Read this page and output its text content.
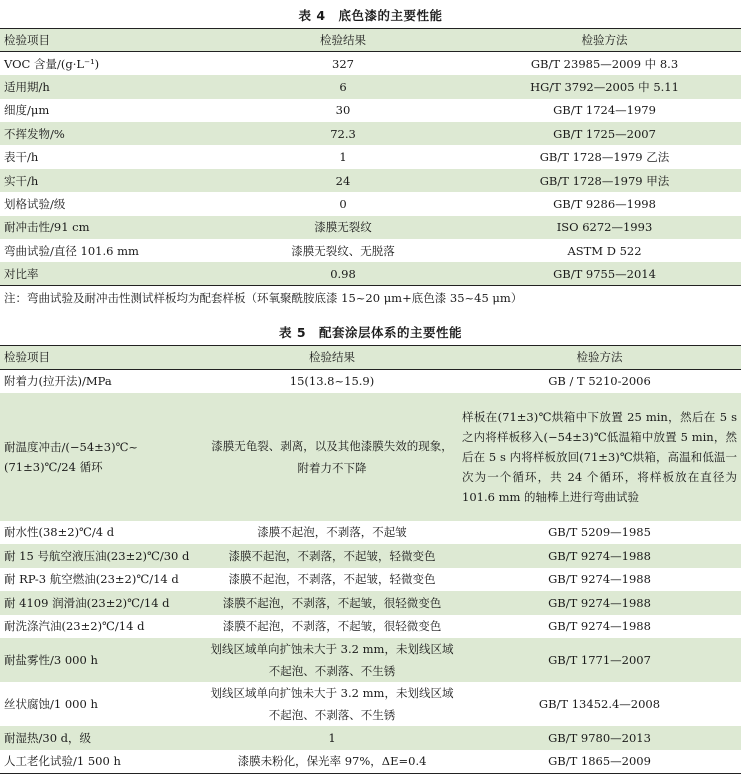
表 4　底色漆的主要性能
检验项目	检验结果	检验方法
VOC 含量/(g·L⁻¹)	327	GB/T 23985—2009 中 8.3
适用期/h	6	HG/T 3792—2005 中 5.11
细度/μm	30	GB/T 1724—1979
不挥发物/%	72.3	GB/T 1725—2007
表干/h	1	GB/T 1728—1979 乙法
实干/h	24	GB/T 1728—1979 甲法
划格试验/级	0	GB/T 9286—1998
耐冲击性/91 cm	漆膜无裂纹	ISO 6272—1993
弯曲试验/直径 101.6 mm	漆膜无裂纹、无脱落	ASTM D 522
对比率	0.98	GB/T 9755—2014
注：弯曲试验及耐冲击性测试样板均为配套样板（环氧聚酰胺底漆 15~20 μm+底色漆 35~45 μm）
表 5　配套涂层体系的主要性能
检验项目	检验结果	检验方法
附着力(拉开法)/MPa	15(13.8~15.9)	GB / T 5210-2006
耐温度冲击/(−54±3)℃~(71±3)℃/24 循环	漆膜无龟裂、剥离，以及其他漆膜失效的现象，附着力不下降	样板在(71±3)℃烘箱中下放置 25 min，然后在 5 s 之内将样板移入(−54±3)℃低温箱中放置 5 min，然后在 5 s 内将样板放回(71±3)℃烘箱，高温和低温一次为一个循环，共 24 个循环，将样板放在直径为 101.6 mm 的轴棒上进行弯曲试验
耐水性(38±2)℃/4 d	漆膜不起泡，不剥落，不起皱	GB/T 5209—1985
耐 15 号航空液压油(23±2)℃/30 d	漆膜不起泡，不剥落，不起皱，轻微变色	GB/T 9274—1988
耐 RP-3 航空燃油(23±2)℃/14 d	漆膜不起泡，不剥落，不起皱，轻微变色	GB/T 9274—1988
耐 4109 润滑油(23±2)℃/14 d	漆膜不起泡，不剥落，不起皱，很轻微变色	GB/T 9274—1988
耐洗涤汽油(23±2)℃/14 d	漆膜不起泡，不剥落，不起皱，很轻微变色	GB/T 9274—1988
耐盐雾性/3 000 h	划线区域单向扩蚀未大于 3.2 mm，未划线区域不起泡、不剥落、不生锈	GB/T 1771—2007
丝状腐蚀/1 000 h	划线区域单向扩蚀未大于 3.2 mm，未划线区域不起泡、不剥落、不生锈	GB/T 13452.4—2008
耐湿热/30 d，级	1	GB/T 9780—2013
人工老化试验/1 500 h	漆膜未粉化，保光率 97%，ΔE=0.4	GB/T 1865—2009
